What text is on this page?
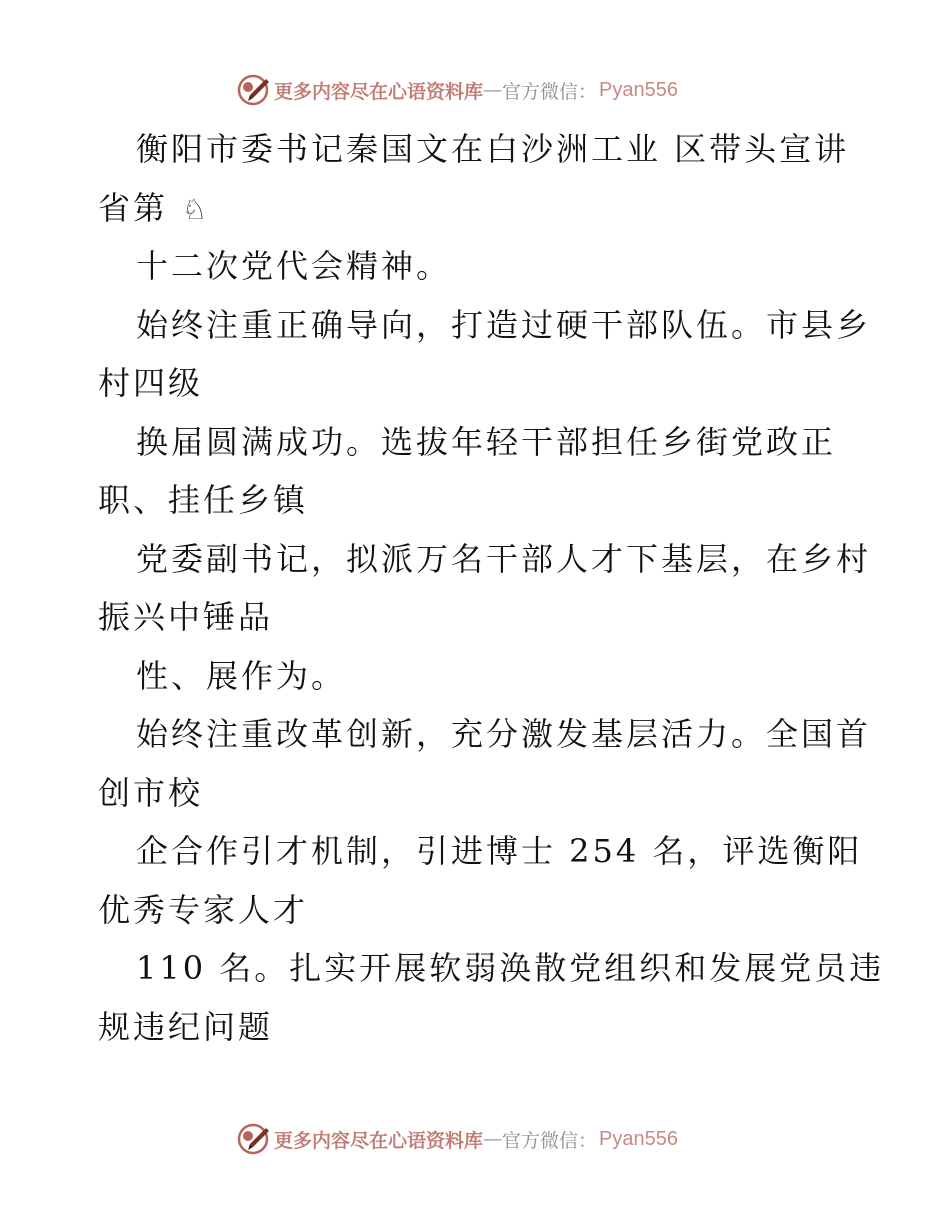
更多内容尽在心语资料库 — 官方微信： Pyan556
衡阳市委书记秦国文在白沙洲工业 区带头宣讲
省第 ♘
十二次党代会精神。
始终注重正确导向，打造过硬干部队伍。市县乡
村四级
换届圆满成功。选拔年轻干部担任乡街党政正
职、挂任乡镇
党委副书记，拟派万名干部人才下基层，在乡村
振兴中锤品
性、展作为。
始终注重改革创新，充分激发基层活力。全国首
创市校
企合作引才机制，引进博士 254 名，评选衡阳
优秀专家人才
110 名。扎实开展软弱涣散党组织和发展党员违
规违纪问题
更多内容尽在心语资料库 — 官方微信： Pyan556
